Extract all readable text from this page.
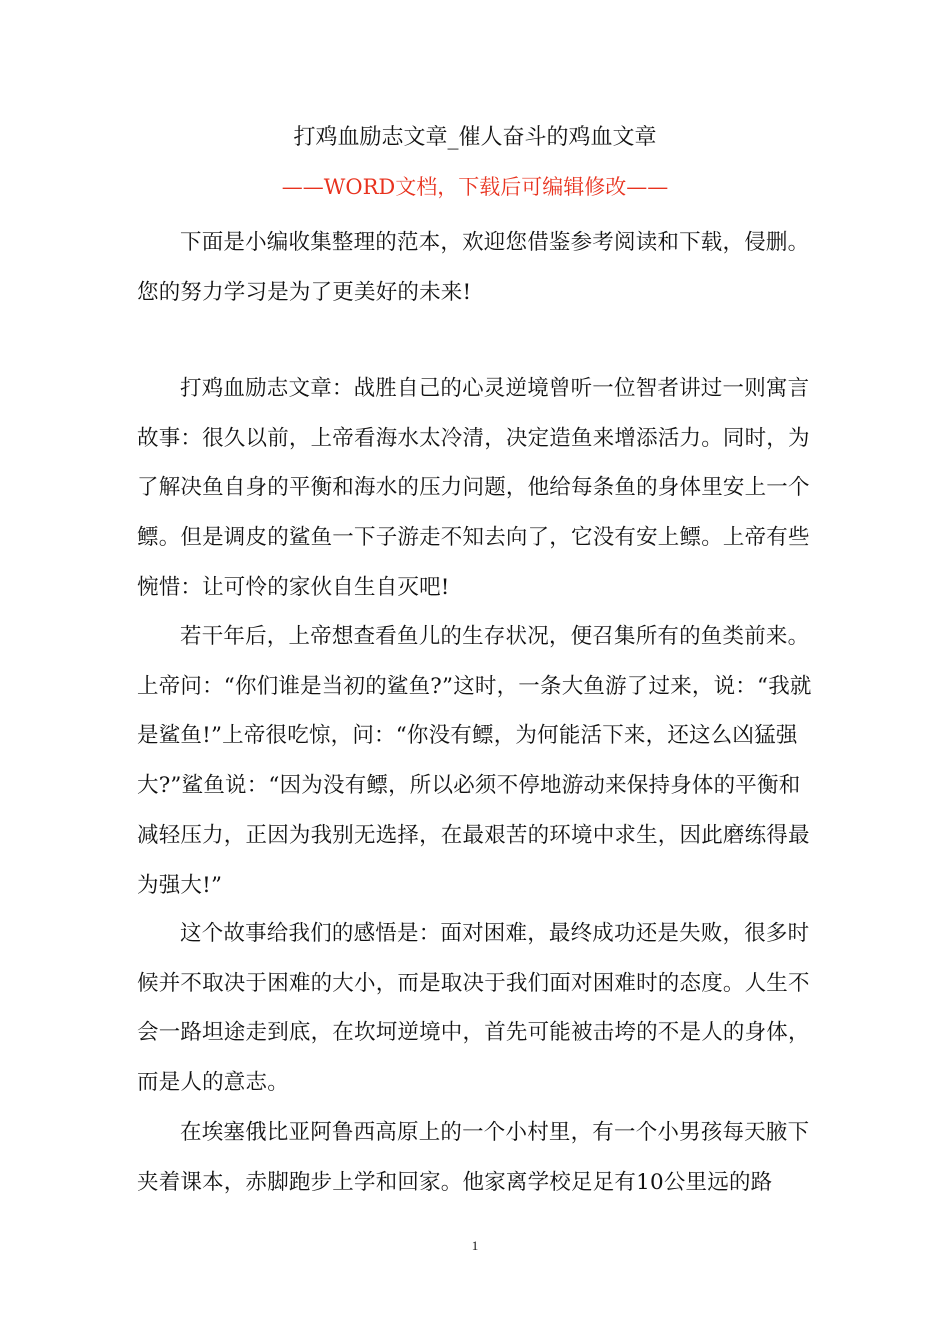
打鸡血励志文章_催人奋斗的鸡血文章
——WORD文档，下载后可编辑修改——

下面是小编收集整理的范本，欢迎您借鉴参考阅读和下载，侵删。您的努力学习是为了更美好的未来!

打鸡血励志文章：战胜自己的心灵逆境曾听一位智者讲过一则寓言故事：很久以前，上帝看海水太冷清，决定造鱼来增添活力。同时，为了解决鱼自身的平衡和海水的压力问题，他给每条鱼的身体里安上一个鳔。但是调皮的鲨鱼一下子游走不知去向了，它没有安上鳔。上帝有些惋惜：让可怜的家伙自生自灭吧!

若干年后，上帝想查看鱼儿的生存状况，便召集所有的鱼类前来。上帝问：“你们谁是当初的鲨鱼?”这时，一条大鱼游了过来，说：“我就是鲨鱼!”上帝很吃惊，问：“你没有鳔，为何能活下来，还这么凶猛强大?”鲨鱼说：“因为没有鳔，所以必须不停地游动来保持身体的平衡和减轻压力，正因为我别无选择，在最艰苦的环境中求生，因此磨练得最为强大!”

这个故事给我们的感悟是：面对困难，最终成功还是失败，很多时候并不取决于困难的大小，而是取决于我们面对困难时的态度。人生不会一路坦途走到底，在坎坷逆境中，首先可能被击垮的不是人的身体，而是人的意志。

在埃塞俄比亚阿鲁西高原上的一个小村里，有一个小男孩每天腋下夹着课本，赤脚跑步上学和回家。他家离学校足足有10公里远的路

1
